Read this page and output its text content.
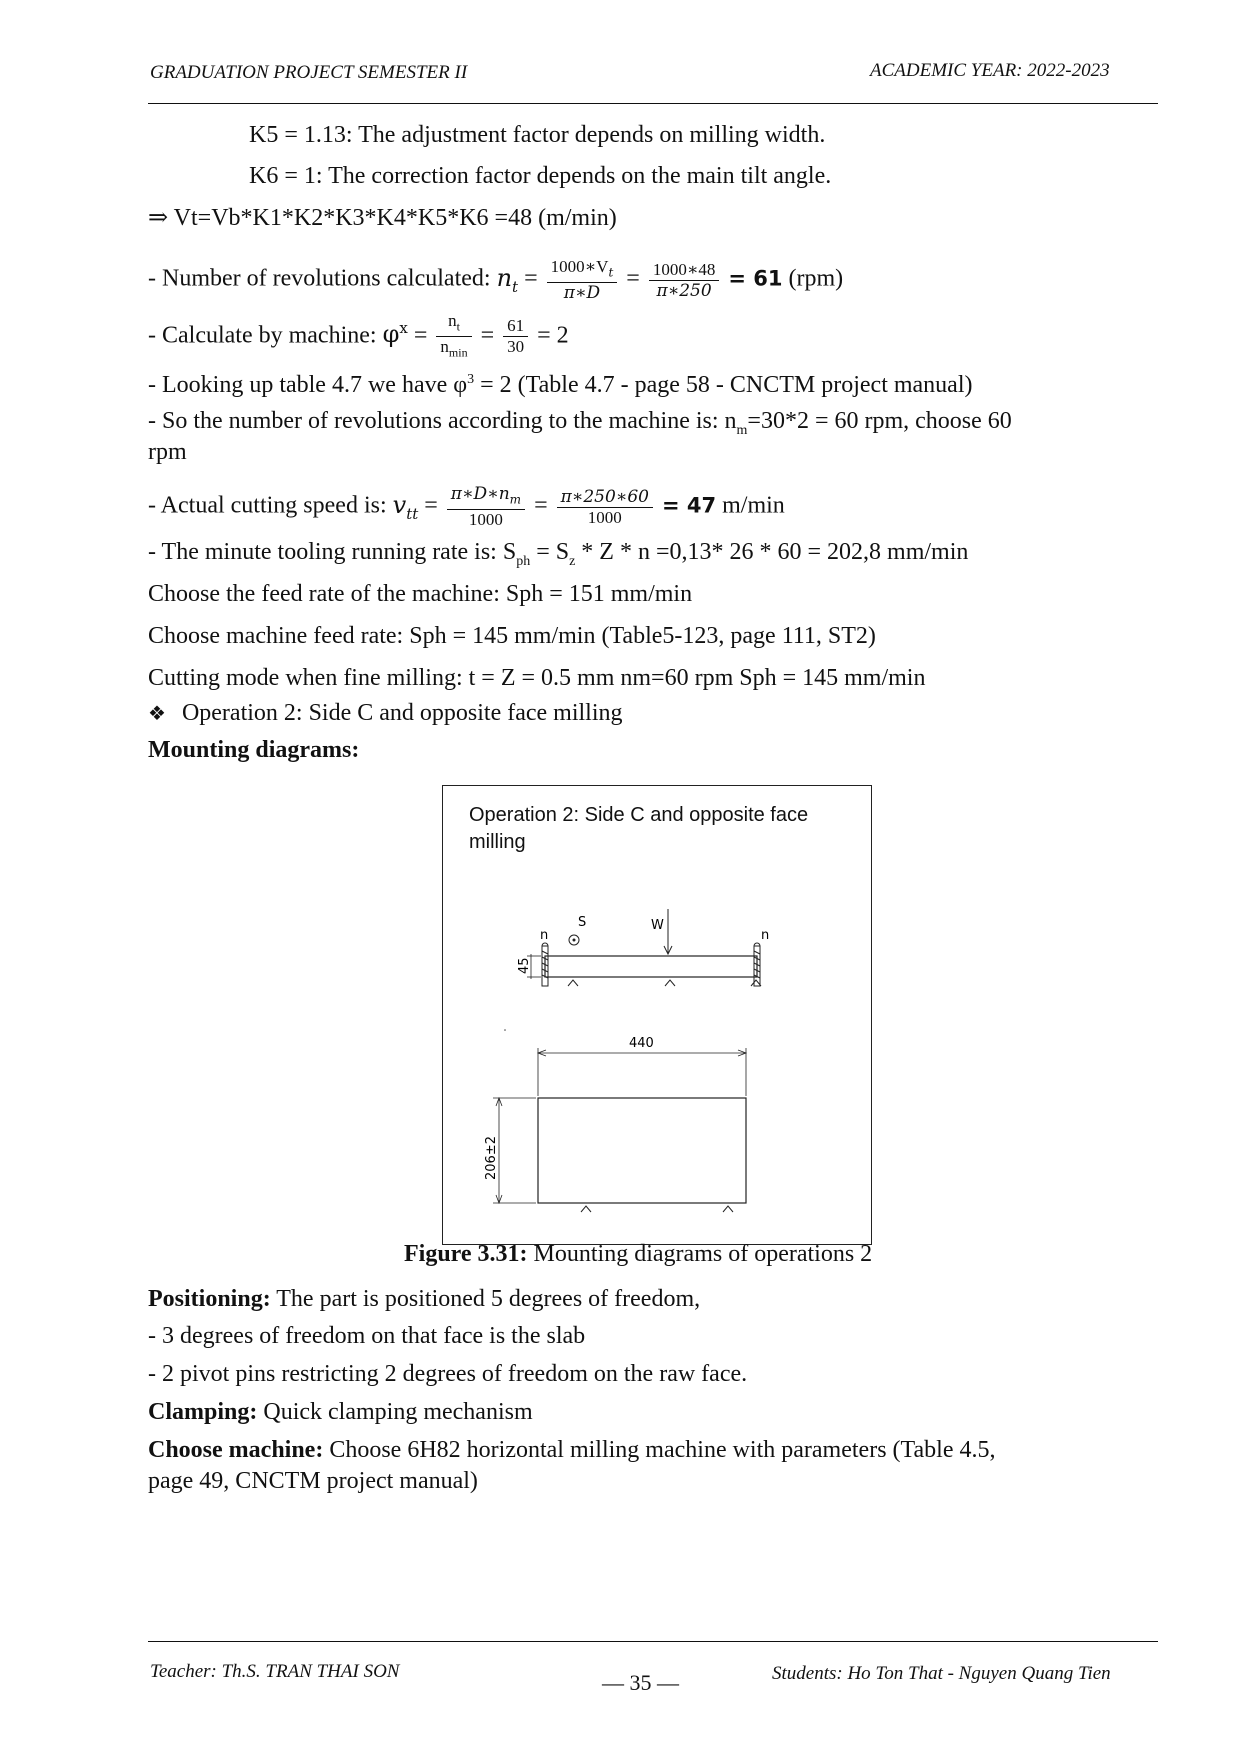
GRADUATION PROJECT SEMESTER II	ACADEMIC YEAR: 2022-2023
K5 = 1.13: The adjustment factor depends on milling width.
K6 = 1: The correction factor depends on the main tilt angle.
⇒ Vt=Vb*K1*K2*K3*K4*K5*K6 =48 (m/min)
- Number of revolutions calculated: $n_t = \frac{1000∗V_t}{\pi∗D} = \frac{1000∗48}{\pi∗250} = 61$ (rpm)
- Calculate by machine: $\varphi^x = \frac{n_t}{n_{min}} = \frac{61}{30} = 2$
- Looking up table 4.7 we have $\varphi^3 = 2$ (Table 4.7 - page 58 - CNCTM project manual)
- So the number of revolutions according to the machine is: $n_m=30*2 = 60$ rpm, choose 60
rpm
- Actual cutting speed is: $v_{tt} = \frac{\pi∗D∗n_m}{1000} = \frac{\pi∗250∗60}{1000} = 47$ m/min
- The minute tooling running rate is: $S_{ph} = S_z * Z * n =0,13*$ 26 * 60 = 202,8 mm/min
Choose the feed rate of the machine: Sph = 151 mm/min
Choose machine feed rate: Sph = 145 mm/min (Table5-123, page 111, ST2)
Cutting mode when fine milling: t = Z = 0.5 mm nm=60 rpm Sph = 145 mm/min
❖ Operation 2: Side C and opposite face milling
Mounting diagrams:
Operation 2: Side C and opposite face milling
n	n
S	W
45
440
206±2
Figure 3.31: Mounting diagrams of operations 2
Positioning: The part is positioned 5 degrees of freedom,
- 3 degrees of freedom on that face is the slab
- 2 pivot pins restricting 2 degrees of freedom on the raw face.
Clamping: Quick clamping mechanism
Choose machine: Choose 6H82 horizontal milling machine with parameters (Table 4.5,
page 49, CNCTM project manual)
Teacher: Th.S. TRAN THAI SON	— 35 —	Students: Ho Ton That - Nguyen Quang Tien
